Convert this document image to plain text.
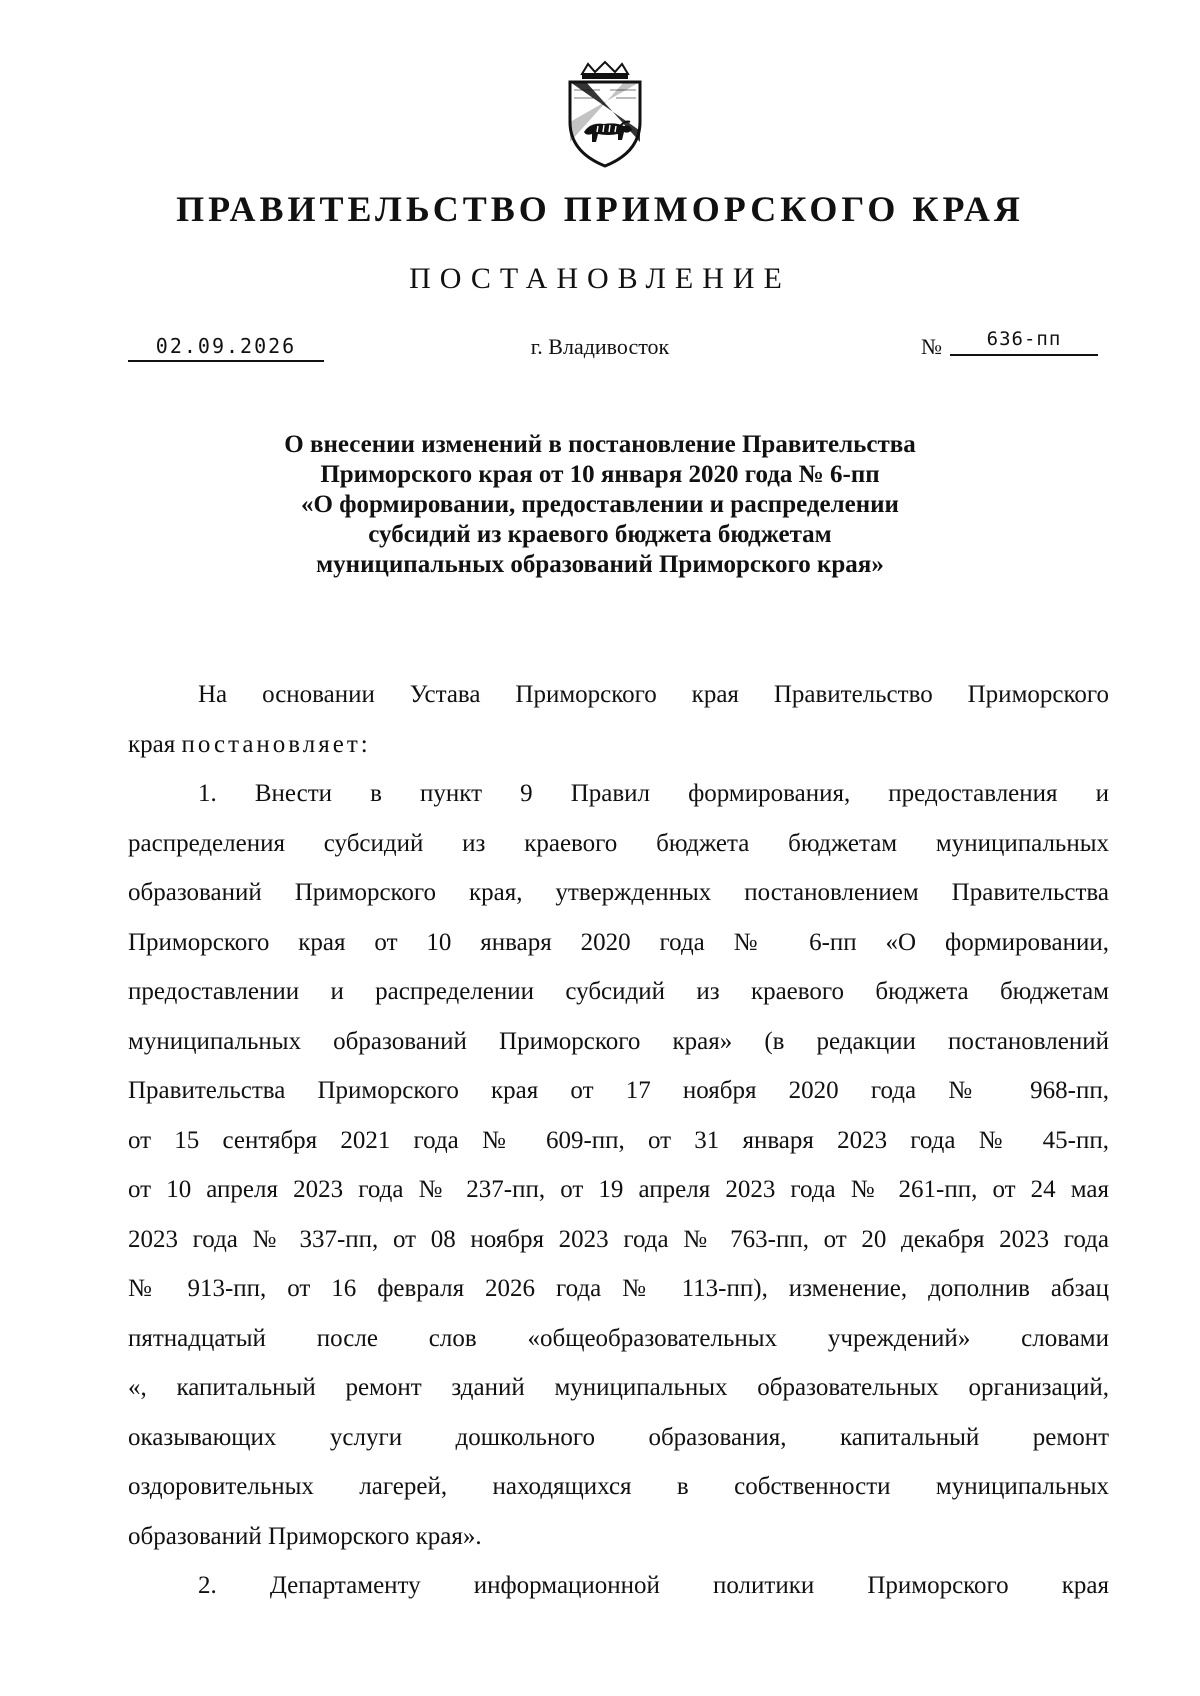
ПРАВИТЕЛЬСТВО ПРИМОРСКОГО КРАЯ
ПОСТАНОВЛЕНИЕ
02.09.2026	г. Владивосток	№	636-пп
О внесении изменений в постановление Правительства
Приморского края от 10 января 2020 года № 6-пп
«О формировании, предоставлении и распределении
субсидий из краевого бюджета бюджетам
муниципальных образований Приморского края»
На основании Устава Приморского края Правительство Приморского
края постановляет:
1. Внести в пункт 9 Правил формирования, предоставления и
распределения субсидий из краевого бюджета бюджетам муниципальных
образований Приморского края, утвержденных постановлением Правительства
Приморского края от 10 января 2020 года № 6-пп «О формировании,
предоставлении и распределении субсидий из краевого бюджета бюджетам
муниципальных образований Приморского края» (в редакции постановлений
Правительства Приморского края от 17 ноября 2020 года № 968-пп,
от 15 сентября 2021 года № 609-пп, от 31 января 2023 года № 45-пп,
от 10 апреля 2023 года № 237-пп, от 19 апреля 2023 года № 261-пп, от 24 мая
2023 года № 337-пп, от 08 ноября 2023 года № 763-пп, от 20 декабря 2023 года
№ 913-пп, от 16 февраля 2026 года № 113-пп), изменение, дополнив абзац
пятнадцатый после слов «общеобразовательных учреждений» словами
«, капитальный ремонт зданий муниципальных образовательных организаций,
оказывающих услуги дошкольного образования, капитальный ремонт
оздоровительных лагерей, находящихся в собственности муниципальных
образований Приморского края».
2. Департаменту информационной политики Приморского края
